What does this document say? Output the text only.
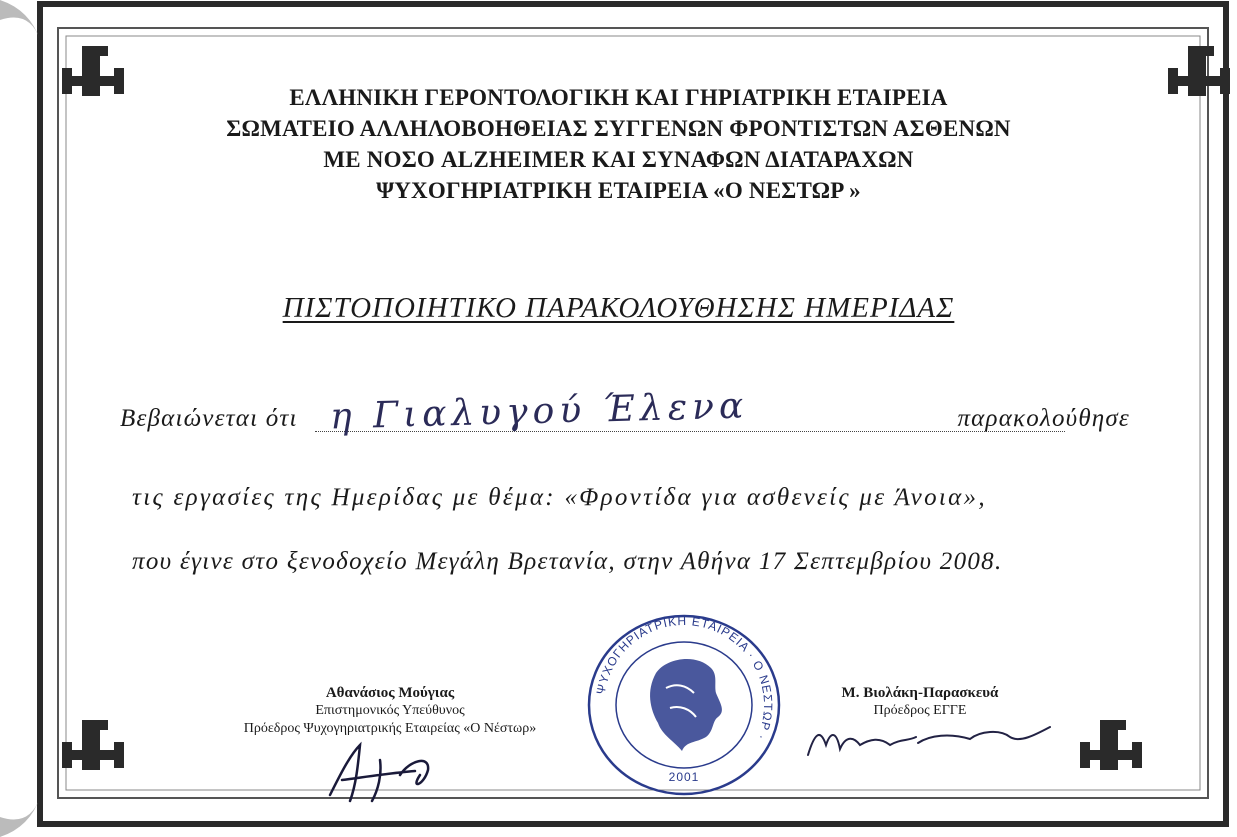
ΕΛΛΗΝΙΚΗ ΓΕΡΟΝΤΟΛΟΓΙΚΗ ΚΑΙ ΓΗΡΙΑΤΡΙΚΗ ΕΤΑΙΡΕΙΑ
ΣΩΜΑΤΕΙΟ ΑΛΛΗΛΟΒΟΗΘΕΙΑΣ ΣΥΓΓΕΝΩΝ ΦΡΟΝΤΙΣΤΩΝ ΑΣΘΕΝΩΝ
ΜΕ ΝΟΣΟ ALZHEIMER ΚΑΙ ΣΥΝΑΦΩΝ ΔΙΑΤΑΡΑΧΩΝ
ΨΥΧΟΓΗΡΙΑΤΡΙΚΗ ΕΤΑΙΡΕΙΑ «Ο ΝΕΣΤΩΡ »
ΠΙΣΤΟΠΟΙΗΤΙΚΟ ΠΑΡΑΚΟΛΟΥΘΗΣΗΣ ΗΜΕΡΙΔΑΣ
Βεβαιώνεται ότι η Γιαλυγού Έλενα	παρακολούθησε
τις εργασίες της Ημερίδας με θέμα: «Φροντίδα για ασθενείς με Άνοια»,
που έγινε στο ξενοδοχείο Μεγάλη Βρετανία, στην Αθήνα 17 Σεπτεμβρίου 2008.
Αθανάσιος Μούγιας
Επιστημονικός Υπεύθυνος
Πρόεδρος Ψυχογηριατρικής Εταιρείας «Ο Νέστωρ»
Μ. Βιολάκη-Παρασκευά
Πρόεδρος ΕΓΓΕ
ΨΥΧΟΓΗΡΙΑΤΡΙΚΗ ΕΤΑΙΡΕΙΑ · Ο ΝΕΣΤΩΡ ·
2001
